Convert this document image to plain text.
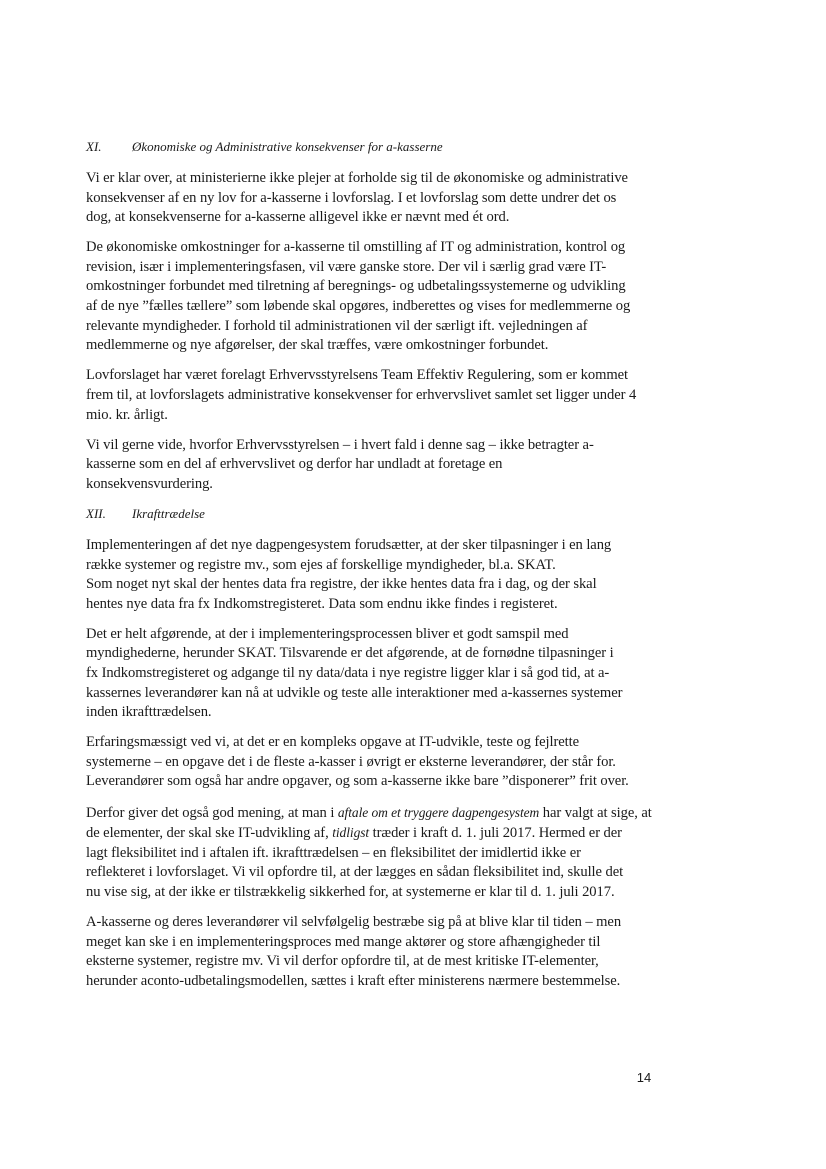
XI. Økonomiske og Administrative konsekvenser for a-kasserne
Vi er klar over, at ministerierne ikke plejer at forholde sig til de økonomiske og administrative
konsekvenser af en ny lov for a-kasserne i lovforslag. I et lovforslag som dette undrer det os
dog, at konsekvenserne for a-kasserne alligevel ikke er nævnt med ét ord.
De økonomiske omkostninger for a-kasserne til omstilling af IT og administration, kontrol og
revision, især i implementeringsfasen, vil være ganske store. Der vil i særlig grad være IT-
omkostninger forbundet med tilretning af beregnings- og udbetalingssystemerne og udvikling
af de nye ”fælles tællere” som løbende skal opgøres, indberettes og vises for medlemmerne og
relevante myndigheder. I forhold til administrationen vil der særligt ift. vejledningen af
medlemmerne og nye afgørelser, der skal træffes, være omkostninger forbundet.
Lovforslaget har været forelagt Erhvervsstyrelsens Team Effektiv Regulering, som er kommet
frem til, at lovforslagets administrative konsekvenser for erhvervslivet samlet set ligger under 4
mio. kr. årligt.
Vi vil gerne vide, hvorfor Erhvervsstyrelsen – i hvert fald i denne sag – ikke betragter a-
kasserne som en del af erhvervslivet og derfor har undladt at foretage en
konsekvensvurdering.
XII. Ikrafttrædelse
Implementeringen af det nye dagpengesystem forudsætter, at der sker tilpasninger i en lang
række systemer og registre mv., som ejes af forskellige myndigheder, bl.a. SKAT.
Som noget nyt skal der hentes data fra registre, der ikke hentes data fra i dag, og der skal
hentes nye data fra fx Indkomstregisteret. Data som endnu ikke findes i registeret.
Det er helt afgørende, at der i implementeringsprocessen bliver et godt samspil med
myndighederne, herunder SKAT. Tilsvarende er det afgørende, at de fornødne tilpasninger i
fx Indkomstregisteret og adgange til ny data/data i nye registre ligger klar i så god tid, at a-
kassernes leverandører kan nå at udvikle og teste alle interaktioner med a-kassernes systemer
inden ikrafttrædelsen.
Erfaringsmæssigt ved vi, at det er en kompleks opgave at IT-udvikle, teste og fejlrette
systemerne – en opgave det i de fleste a-kasser i øvrigt er eksterne leverandører, der står for.
Leverandører som også har andre opgaver, og som a-kasserne ikke bare ”disponerer” frit over.
Derfor giver det også god mening, at man i aftale om et tryggere dagpengesystem har valgt at sige, at
de elementer, der skal ske IT-udvikling af, tidligst træder i kraft d. 1. juli 2017. Hermed er der
lagt fleksibilitet ind i aftalen ift. ikrafttrædelsen – en fleksibilitet der imidlertid ikke er
reflekteret i lovforslaget. Vi vil opfordre til, at der lægges en sådan fleksibilitet ind, skulle det
nu vise sig, at der ikke er tilstrækkelig sikkerhed for, at systemerne er klar til d. 1. juli 2017.
A-kasserne og deres leverandører vil selvfølgelig bestræbe sig på at blive klar til tiden – men
meget kan ske i en implementeringsproces med mange aktører og store afhængigheder til
eksterne systemer, registre mv. Vi vil derfor opfordre til, at de mest kritiske IT-elementer,
herunder aconto-udbetalingsmodellen, sættes i kraft efter ministerens nærmere bestemmelse.
14
